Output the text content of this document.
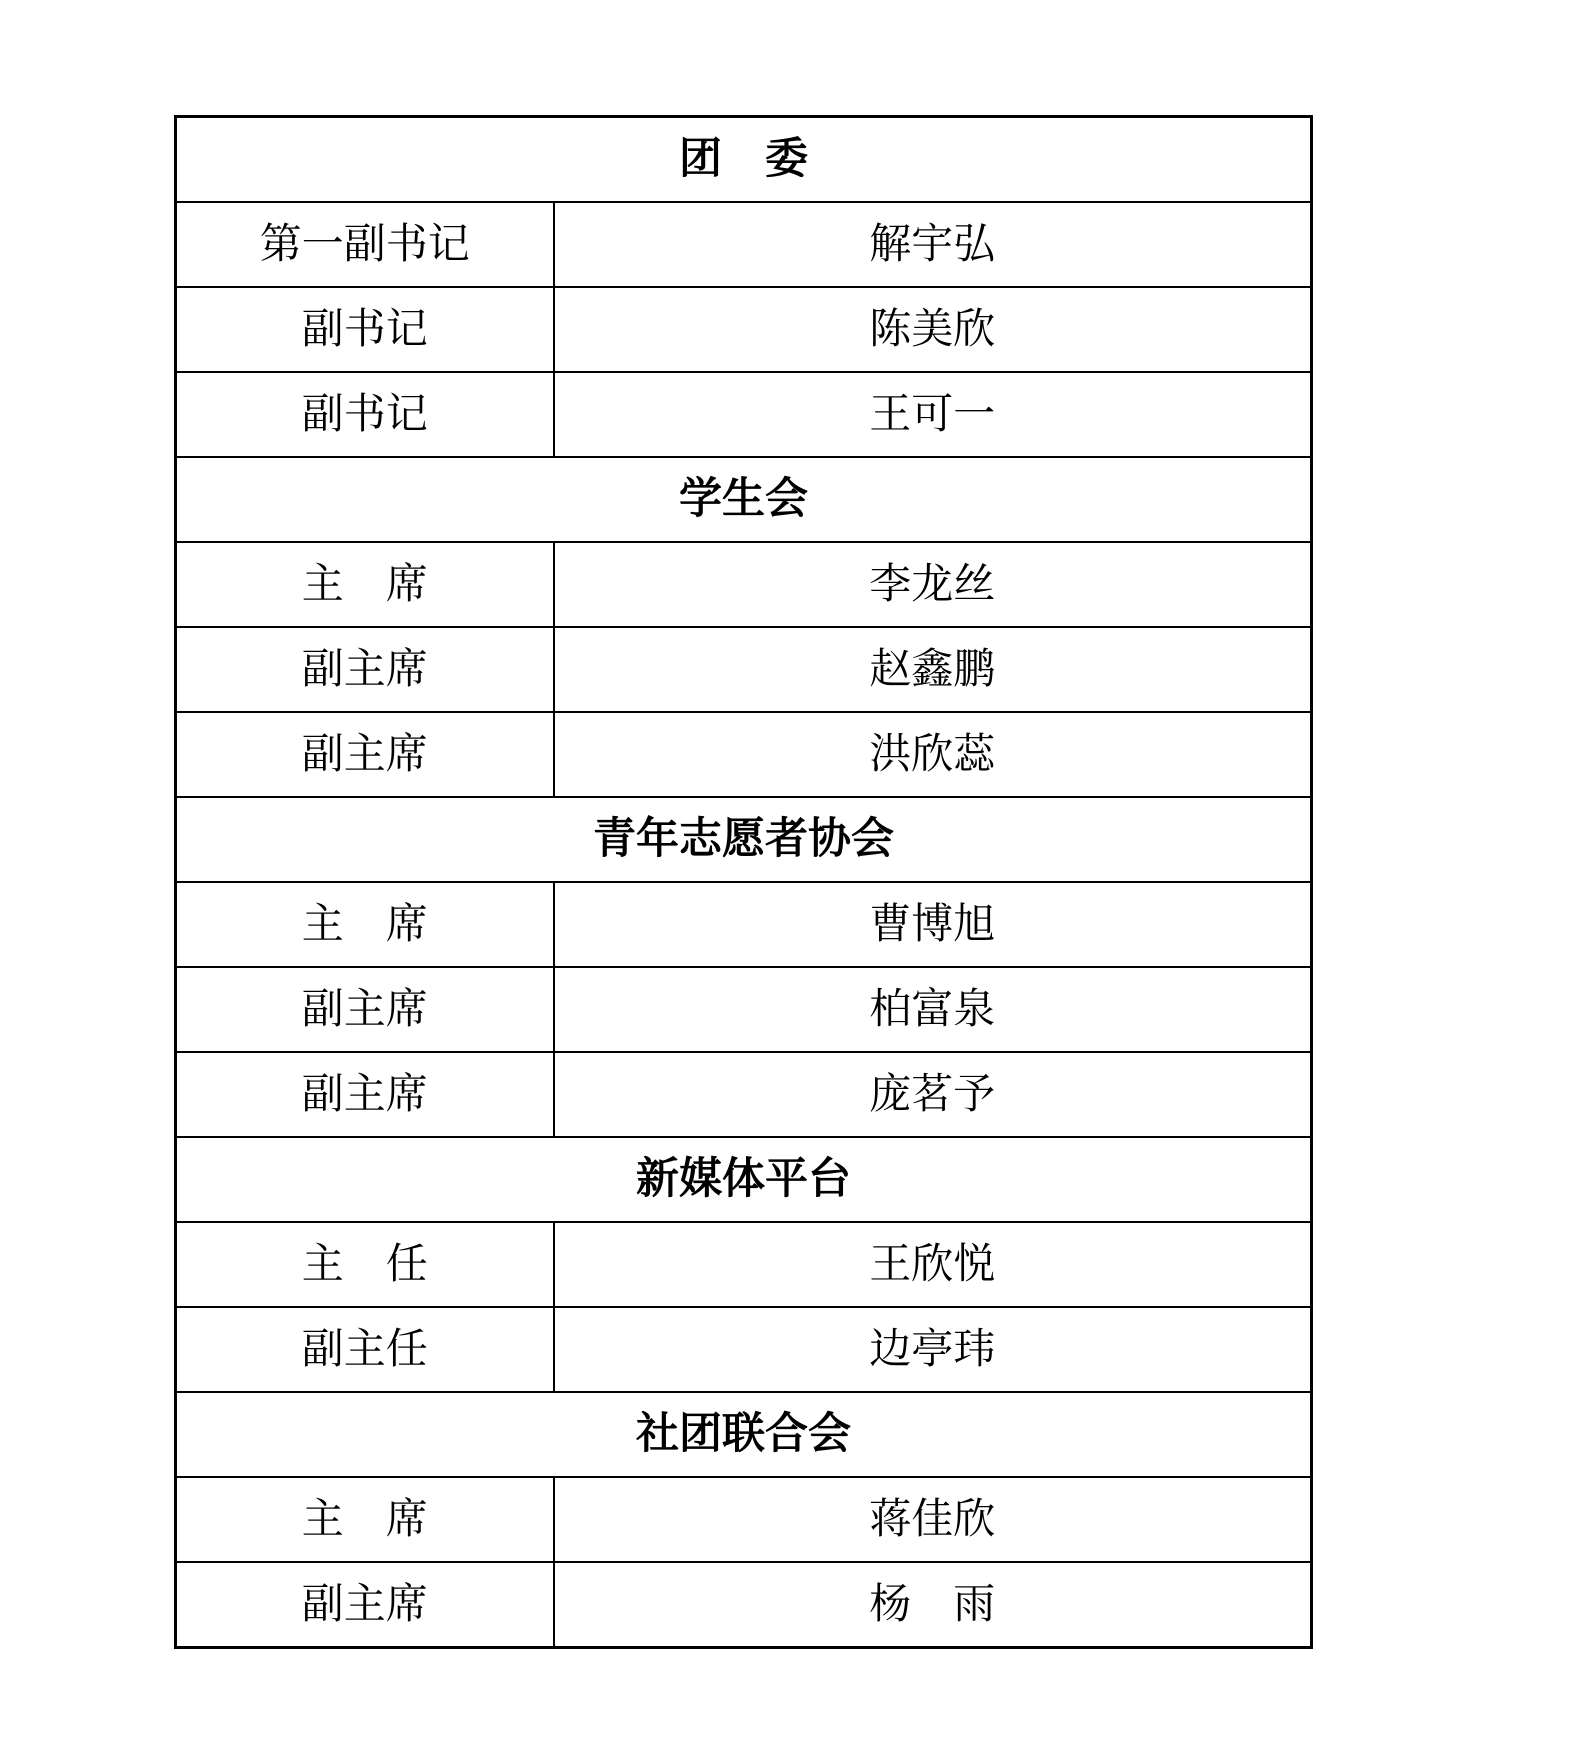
团　委	
第一副书记	解宇弘
副书记	陈美欣
副书记	王可一
学生会	
主　席	李龙丝
副主席	赵鑫鹏
副主席	洪欣蕊
青年志愿者协会	
主　席	曹博旭
副主席	柏富泉
副主席	庞茗予
新媒体平台	
主　任	王欣悦
副主任	边亭玮
社团联合会	
主　席	蒋佳欣
副主席	杨　雨
